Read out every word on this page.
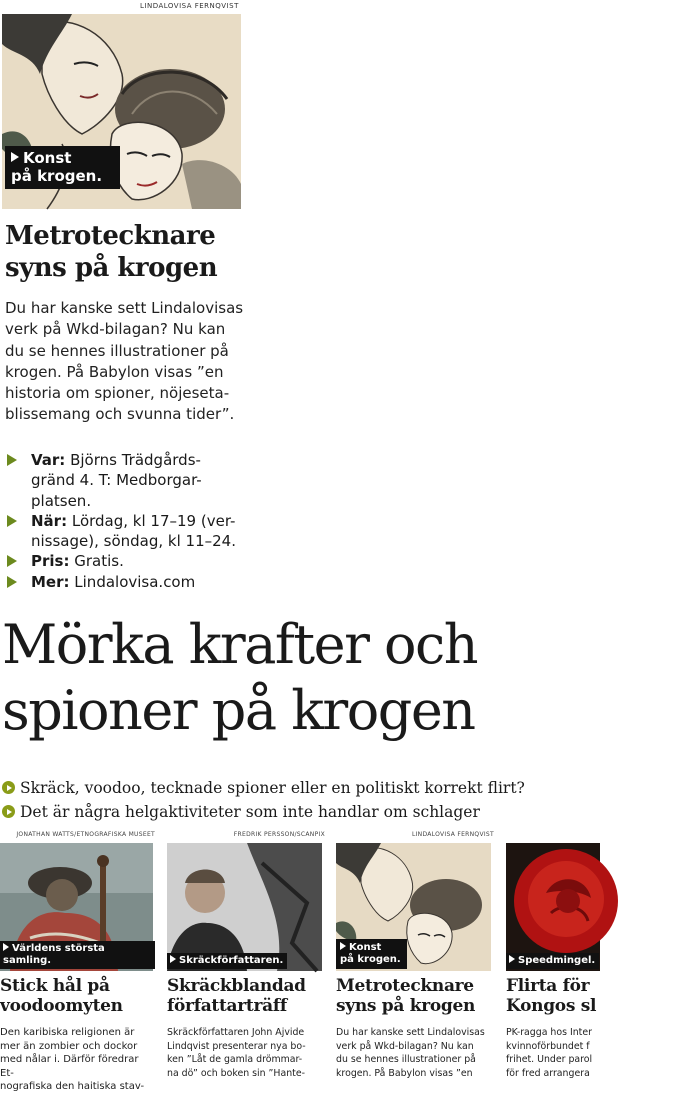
LINDALOVISA FERNQVIST
Konst
på krogen.
Metrotecknare
syns på krogen
Du har kanske sett Lindalovisas
verk på Wkd-bilagan? Nu kan
du se hennes illustrationer på
krogen. På Babylon visas ”en
historia om spioner, nöjeseta-
blissemang och svunna tider”.
Var: Björns Trädgårds-
gränd 4. T: Medborgar-
platsen.
När: Lördag, kl 17–19 (ver-
nissage), söndag, kl 11–24.
Pris: Gratis.
Mer: Lindalovisa.com
Mörka krafter och
spioner på krogen
Skräck, voodoo, tecknade spioner eller en politiskt korrekt flirt?
Det är några helgaktiviteter som inte handlar om schlager
JONATHAN WATTS/ETNOGRAFISKA MUSEET
Världens största samling.
Stick hål på
voodoomyten
Den karibiska religionen är
mer än zombier och dockor
med nålar i. Därför föredrar Et-
nografiska den haitiska stav-
FREDRIK PERSSON/SCANPIX
Skräckförfattaren.
Skräckblandad
författarträff
Skräckförfattaren John Ajvide
Lindqvist presenterar nya bo-
ken ”Låt de gamla drömmar-
na dö” och boken sin ”Hante-
LINDALOVISA FERNQVIST
Konst
på krogen.
Metrotecknare
syns på krogen
Du har kanske sett Lindalovisas
verk på Wkd-bilagan? Nu kan
du se hennes illustrationer på
krogen. På Babylon visas ”en
Speedmingel.
Flirta för
Kongos sl
PK-ragga hos Inter
kvinnoförbundet f
frihet. Under parol
för fred arrangera
